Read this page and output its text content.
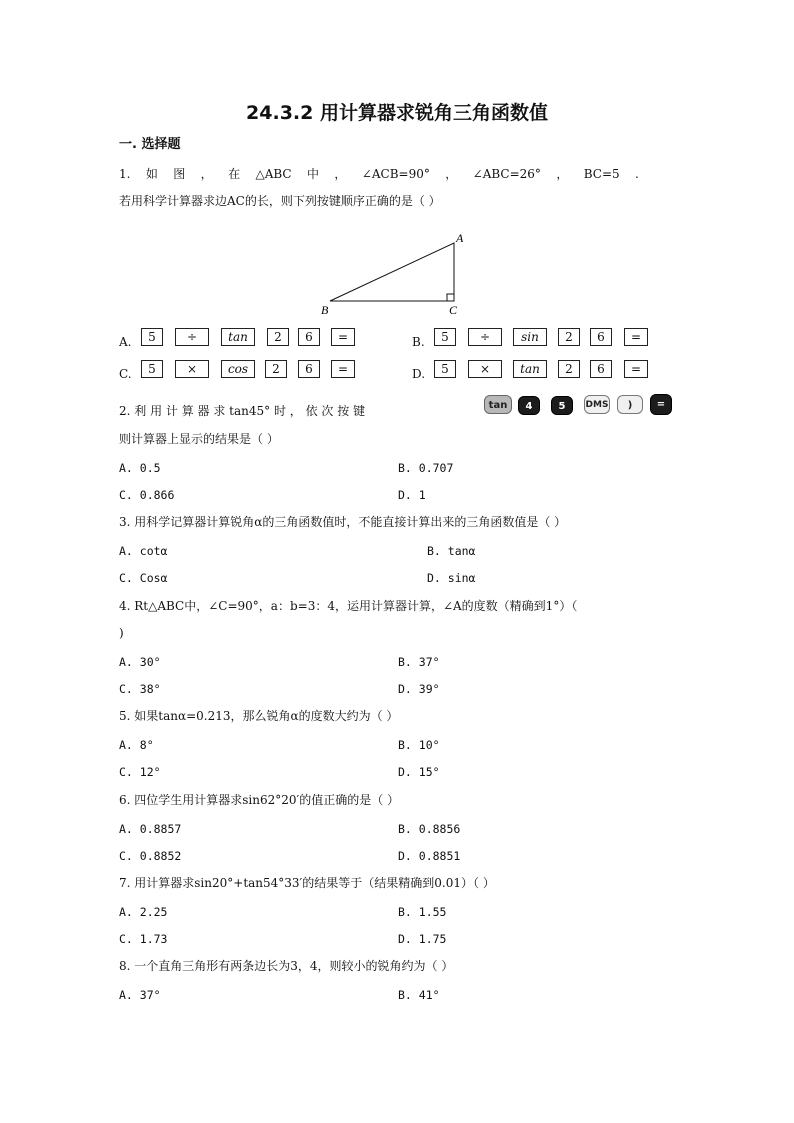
24.3.2 用计算器求锐角三角函数值
一. 选择题
1. 如 图 ， 在 △ABC 中 ， ∠ACB=90° ， ∠ABC=26° ， BC=5 .
若用科学计算器求边AC的长，则下列按键顺序正确的是（ ）
A
B	C
A.	5	÷	tan	2	6	=	B.	5	÷	sin	2	6	=
C.	5	×	cos	2	6	=	D.	5	×	tan	2	6	=
2. 利 用 计 算 器 求 tan45° 时 ， 依 次 按 键	tan	4	5	DMS	)	=
则计算器上显示的结果是（ ）
A. 0.5	B. 0.707
C. 0.866	D. 1
3. 用科学记算器计算锐角α的三角函数值时，不能直接计算出来的三角函数值是（ ）
A. cotα	B. tanα
C. Cosα	D. sinα
4. Rt△ABC中，∠C=90°，a：b=3：4，运用计算器计算，∠A的度数（精确到1°）（
)
A. 30°	B. 37°
C. 38°	D. 39°
5. 如果tanα=0.213，那么锐角α的度数大约为（ ）
A. 8°	B. 10°
C. 12°	D. 15°
6. 四位学生用计算器求sin62°20′的值正确的是（ ）
A. 0.8857	B. 0.8856
C. 0.8852	D. 0.8851
7. 用计算器求sin20°+tan54°33′的结果等于（结果精确到0.01）（ ）
A. 2.25	B. 1.55
C. 1.73	D. 1.75
8. 一个直角三角形有两条边长为3，4，则较小的锐角约为（ ）
A. 37°	B. 41°
